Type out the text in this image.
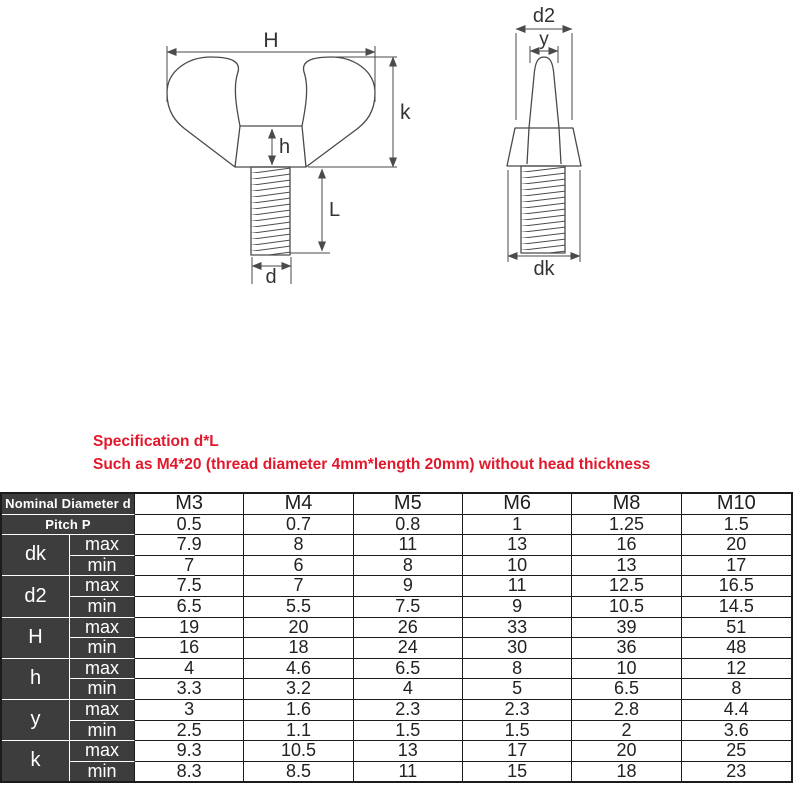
H
k
h
L
d
d2
y
dk
Specification d*L
Such as M4*20 (thread diameter 4mm*length 20mm) without head thickness
Nominal Diameter d		M3	M4	M5	M6	M8	M10
Pitch P		0.5	0.7	0.8	1	1.25	1.5
dk	max	7.9	8	11	13	16	20
	min	7	6	8	10	13	17
d2	max	7.5	7	9	11	12.5	16.5
	min	6.5	5.5	7.5	9	10.5	14.5
H	max	19	20	26	33	39	51
	min	16	18	24	30	36	48
h	max	4	4.6	6.5	8	10	12
	min	3.3	3.2	4	5	6.5	8
y	max	3	1.6	2.3	2.3	2.8	4.4
	min	2.5	1.1	1.5	1.5	2	3.6
k	max	9.3	10.5	13	17	20	25
	min	8.3	8.5	11	15	18	23
